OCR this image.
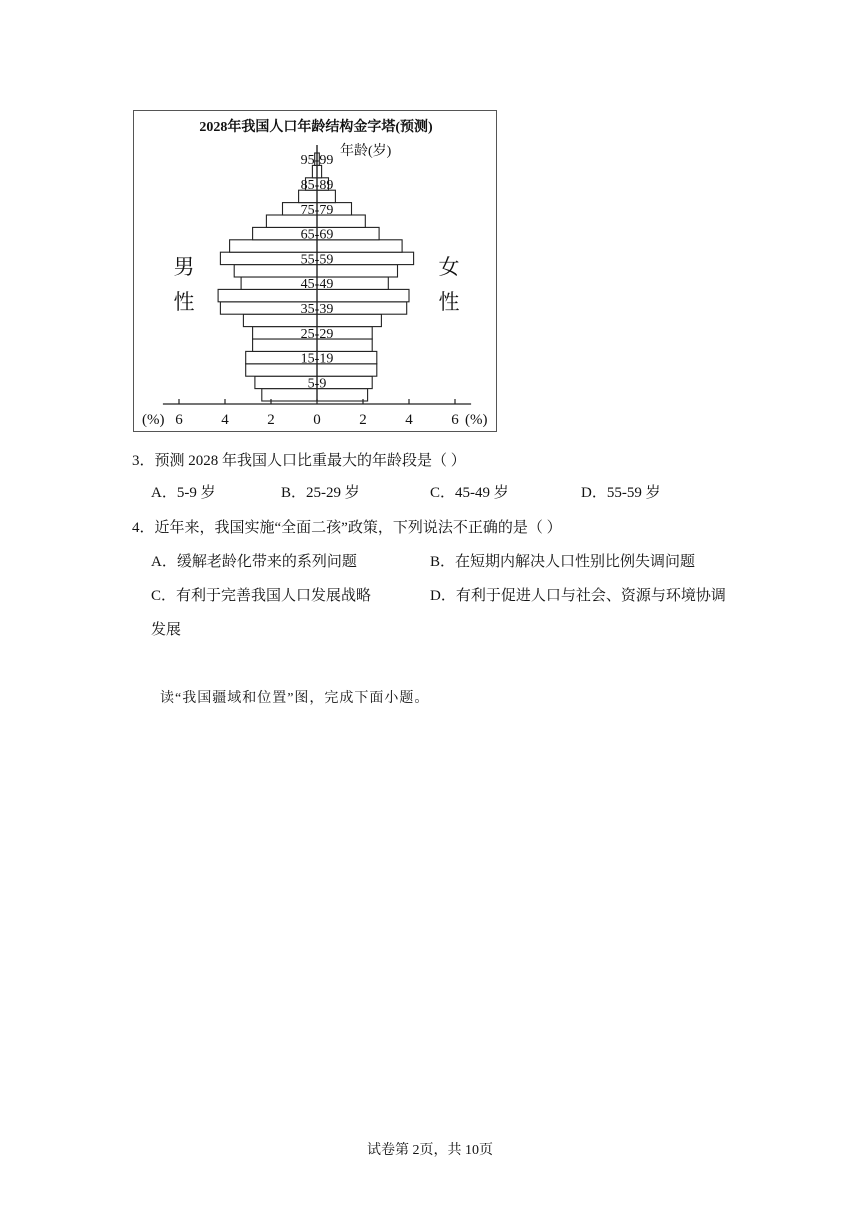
2028年我国人口年龄结构金字塔(预测)
5-9
15-19
25-29
35-39
45-49
55-59
65-69
75-79
85-89
95-99
年龄(岁)
男
性
女
性
6	4	2	0	2	4	6
(%)	(%)
3．预测 2028 年我国人口比重最大的年龄段是（ ）
A．5-9 岁	B．25-29 岁	C．45-49 岁	D．55-59 岁
4．近年来，我国实施“全面二孩”政策，下列说法不正确的是（ ）
A．缓解老龄化带来的系列问题	B．在短期内解决人口性别比例失调问题
C．有利于完善我国人口发展战略	D．有利于促进人口与社会、资源与环境协调
发展
读“我国疆域和位置”图，完成下面小题。
试卷第 2页，共 10页
